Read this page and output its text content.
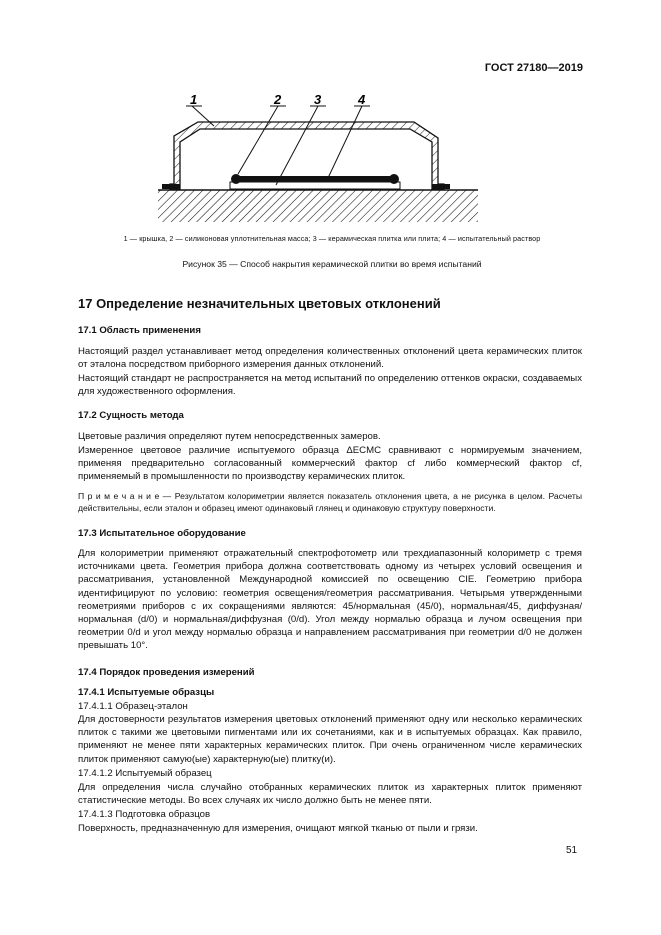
ГОСТ 27180—2019
1	2	3	4
1 — крышка, 2 — силиконовая уплотнительная масса; 3 — керамическая плитка или плита; 4 — испытательный раствор
Рисунок 35 — Способ накрытия керамической плитки во время испытаний
17 Определение незначительных цветовых отклонений
17.1 Область применения
Настоящий раздел устанавливает метод определения количественных отклонений цвета керамических плиток от эталона посредством приборного измерения данных отклонений.
Настоящий стандарт не распространяется на метод испытаний по определению оттенков окраски, создаваемых для художественного оформления.
17.2 Сущность метода
Цветовые различия определяют путем непосредственных замеров.
Измеренное цветовое различие испытуемого образца ΔECMC сравнивают с нормируемым значением, применяя предварительно согласованный коммерческий фактор cf либо коммерческий фактор cf, применяемый в промышленности по производству керамических плиток.
П р и м е ч а н и е — Результатом колориметрии является показатель отклонения цвета, а не рисунка в целом. Расчеты действительны, если эталон и образец имеют одинаковый глянец и одинаковую структуру поверхности.
17.3 Испытательное оборудование
Для колориметрии применяют отражательный спектрофотометр или трехдиапазонный колориметр с тремя источниками цвета. Геометрия прибора должна соответствовать одному из четырех условий освещения и рассматривания, установленной Международной комиссией по освещению CIE. Геометрию прибора идентифицируют по условию: геометрия освещения/геометрия рассматривания. Четырьмя утвержденными геометриями приборов с их сокращениями являются: 45/нормальная (45/0), нормальная/45, диффузная/нормальная (d/0) и нормальная/диффузная (0/d). Угол между нормалью образца и лучом освещения при геометрии 0/d и угол между нормалью образца и направлением рассматривания при геометрии d/0 не должен превышать 10°.
17.4 Порядок проведения измерений
17.4.1 Испытуемые образцы
17.4.1.1 Образец-эталон
Для достоверности результатов измерения цветовых отклонений применяют одну или несколько керамических плиток с такими же цветовыми пигментами или их сочетаниями, как и в испытуемых образцах. Как правило, применяют не менее пяти характерных керамических плиток. При очень ограниченном числе керамических плиток применяют самую(ые) характерную(ые) плитку(и).
17.4.1.2 Испытуемый образец
Для определения числа случайно отобранных керамических плиток из характерных плиток применяют статистические методы. Во всех случаях их число должно быть не менее пяти.
17.4.1.3 Подготовка образцов
Поверхность, предназначенную для измерения, очищают мягкой тканью от пыли и грязи.
51
